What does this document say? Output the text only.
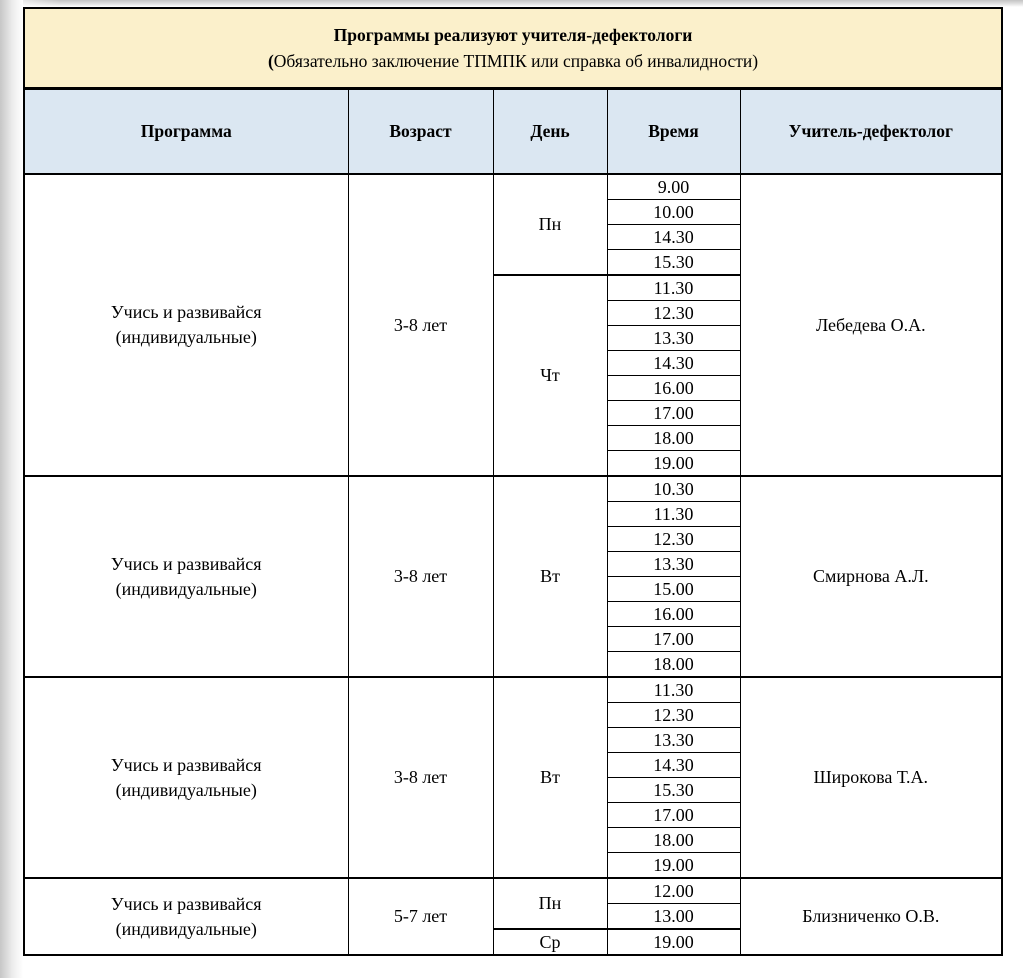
Программы реализуют учителя-дефектологи
(Обязательно заключение ТПМПК или справка об инвалидности)				

Программа	Возраст	День	Время	Учитель-дефектолог

Учись и развивайся
(индивидуальные)	3-8 лет	Пн	9.00	Лебедева О.А.
			10.00	
			14.30	
			15.30	
		Чт	11.30	
			12.30	
			13.30	
			14.30	
			16.00	
			17.00	
			18.00	
			19.00	

Учись и развивайся
(индивидуальные)	3-8 лет	Вт	10.30	Смирнова А.Л.
			11.30	
			12.30	
			13.30	
			15.00	
			16.00	
			17.00	
			18.00	

Учись и развивайся
(индивидуальные)	3-8 лет	Вт	11.30	Широкова Т.А.
			12.30	
			13.30	
			14.30	
			15.30	
			17.00	
			18.00	
			19.00	

Учись и развивайся
(индивидуальные)	5-7 лет	Пн	12.00	Близниченко О.В.
			13.00	
		Ср	19.00	
